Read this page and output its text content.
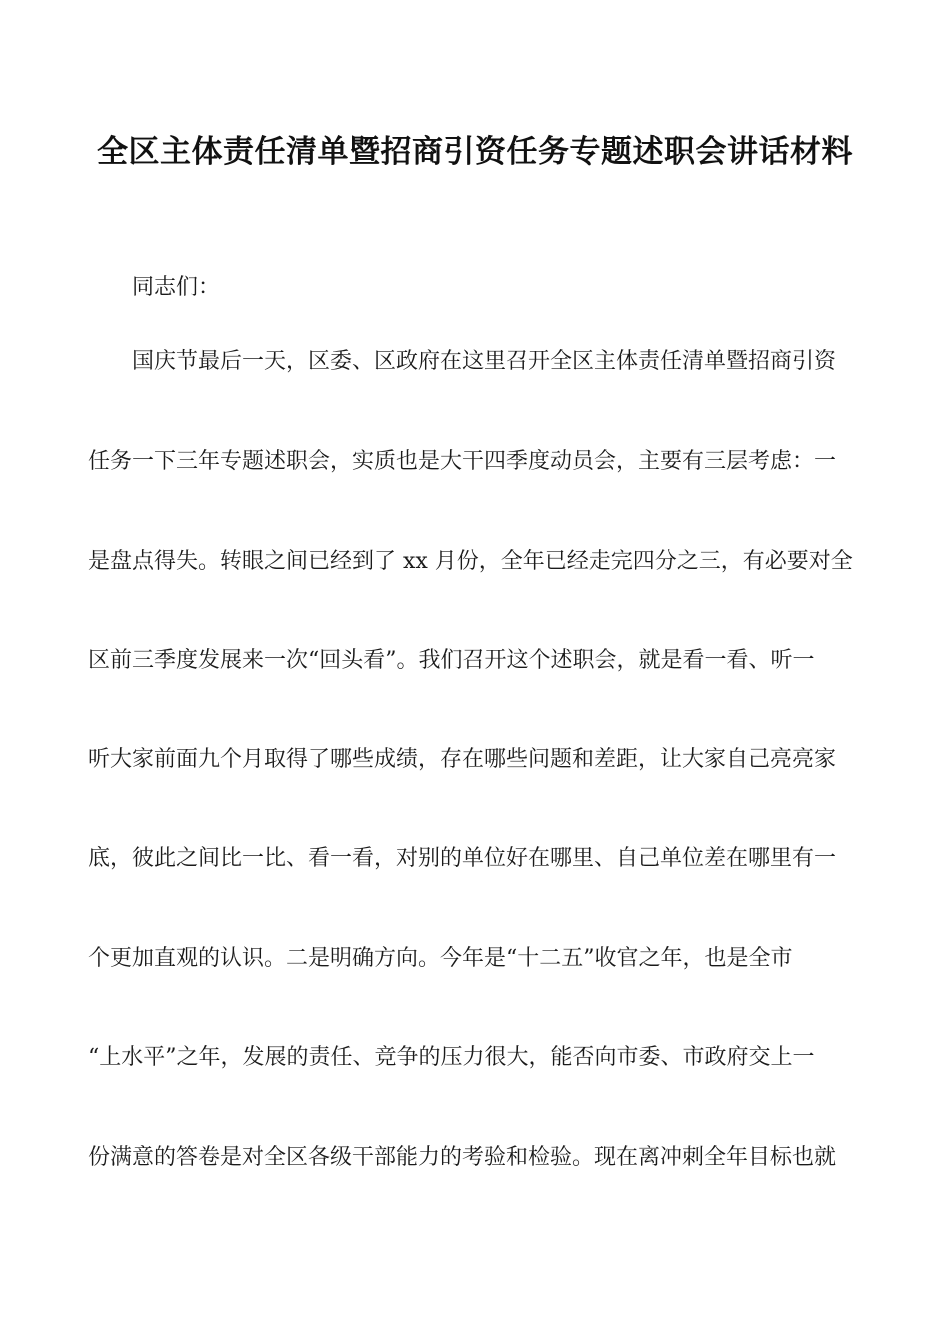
全区主体责任清单暨招商引资任务专题述职会讲话材料

同志们：

国庆节最后一天，区委、区政府在这里召开全区主体责任清单暨招商引资

任务一下三年专题述职会，实质也是大干四季度动员会，主要有三层考虑：一

是盘点得失。转眼之间已经到了 xx 月份，全年已经走完四分之三，有必要对全

区前三季度发展来一次“回头看”。我们召开这个述职会，就是看一看、听一

听大家前面九个月取得了哪些成绩，存在哪些问题和差距，让大家自己亮亮家

底，彼此之间比一比、看一看，对别的单位好在哪里、自己单位差在哪里有一

个更加直观的认识。二是明确方向。今年是“十二五”收官之年，也是全市

“上水平”之年，发展的责任、竞争的压力很大，能否向市委、市政府交上一

份满意的答卷是对全区各级干部能力的考验和检验。现在离冲刺全年目标也就
